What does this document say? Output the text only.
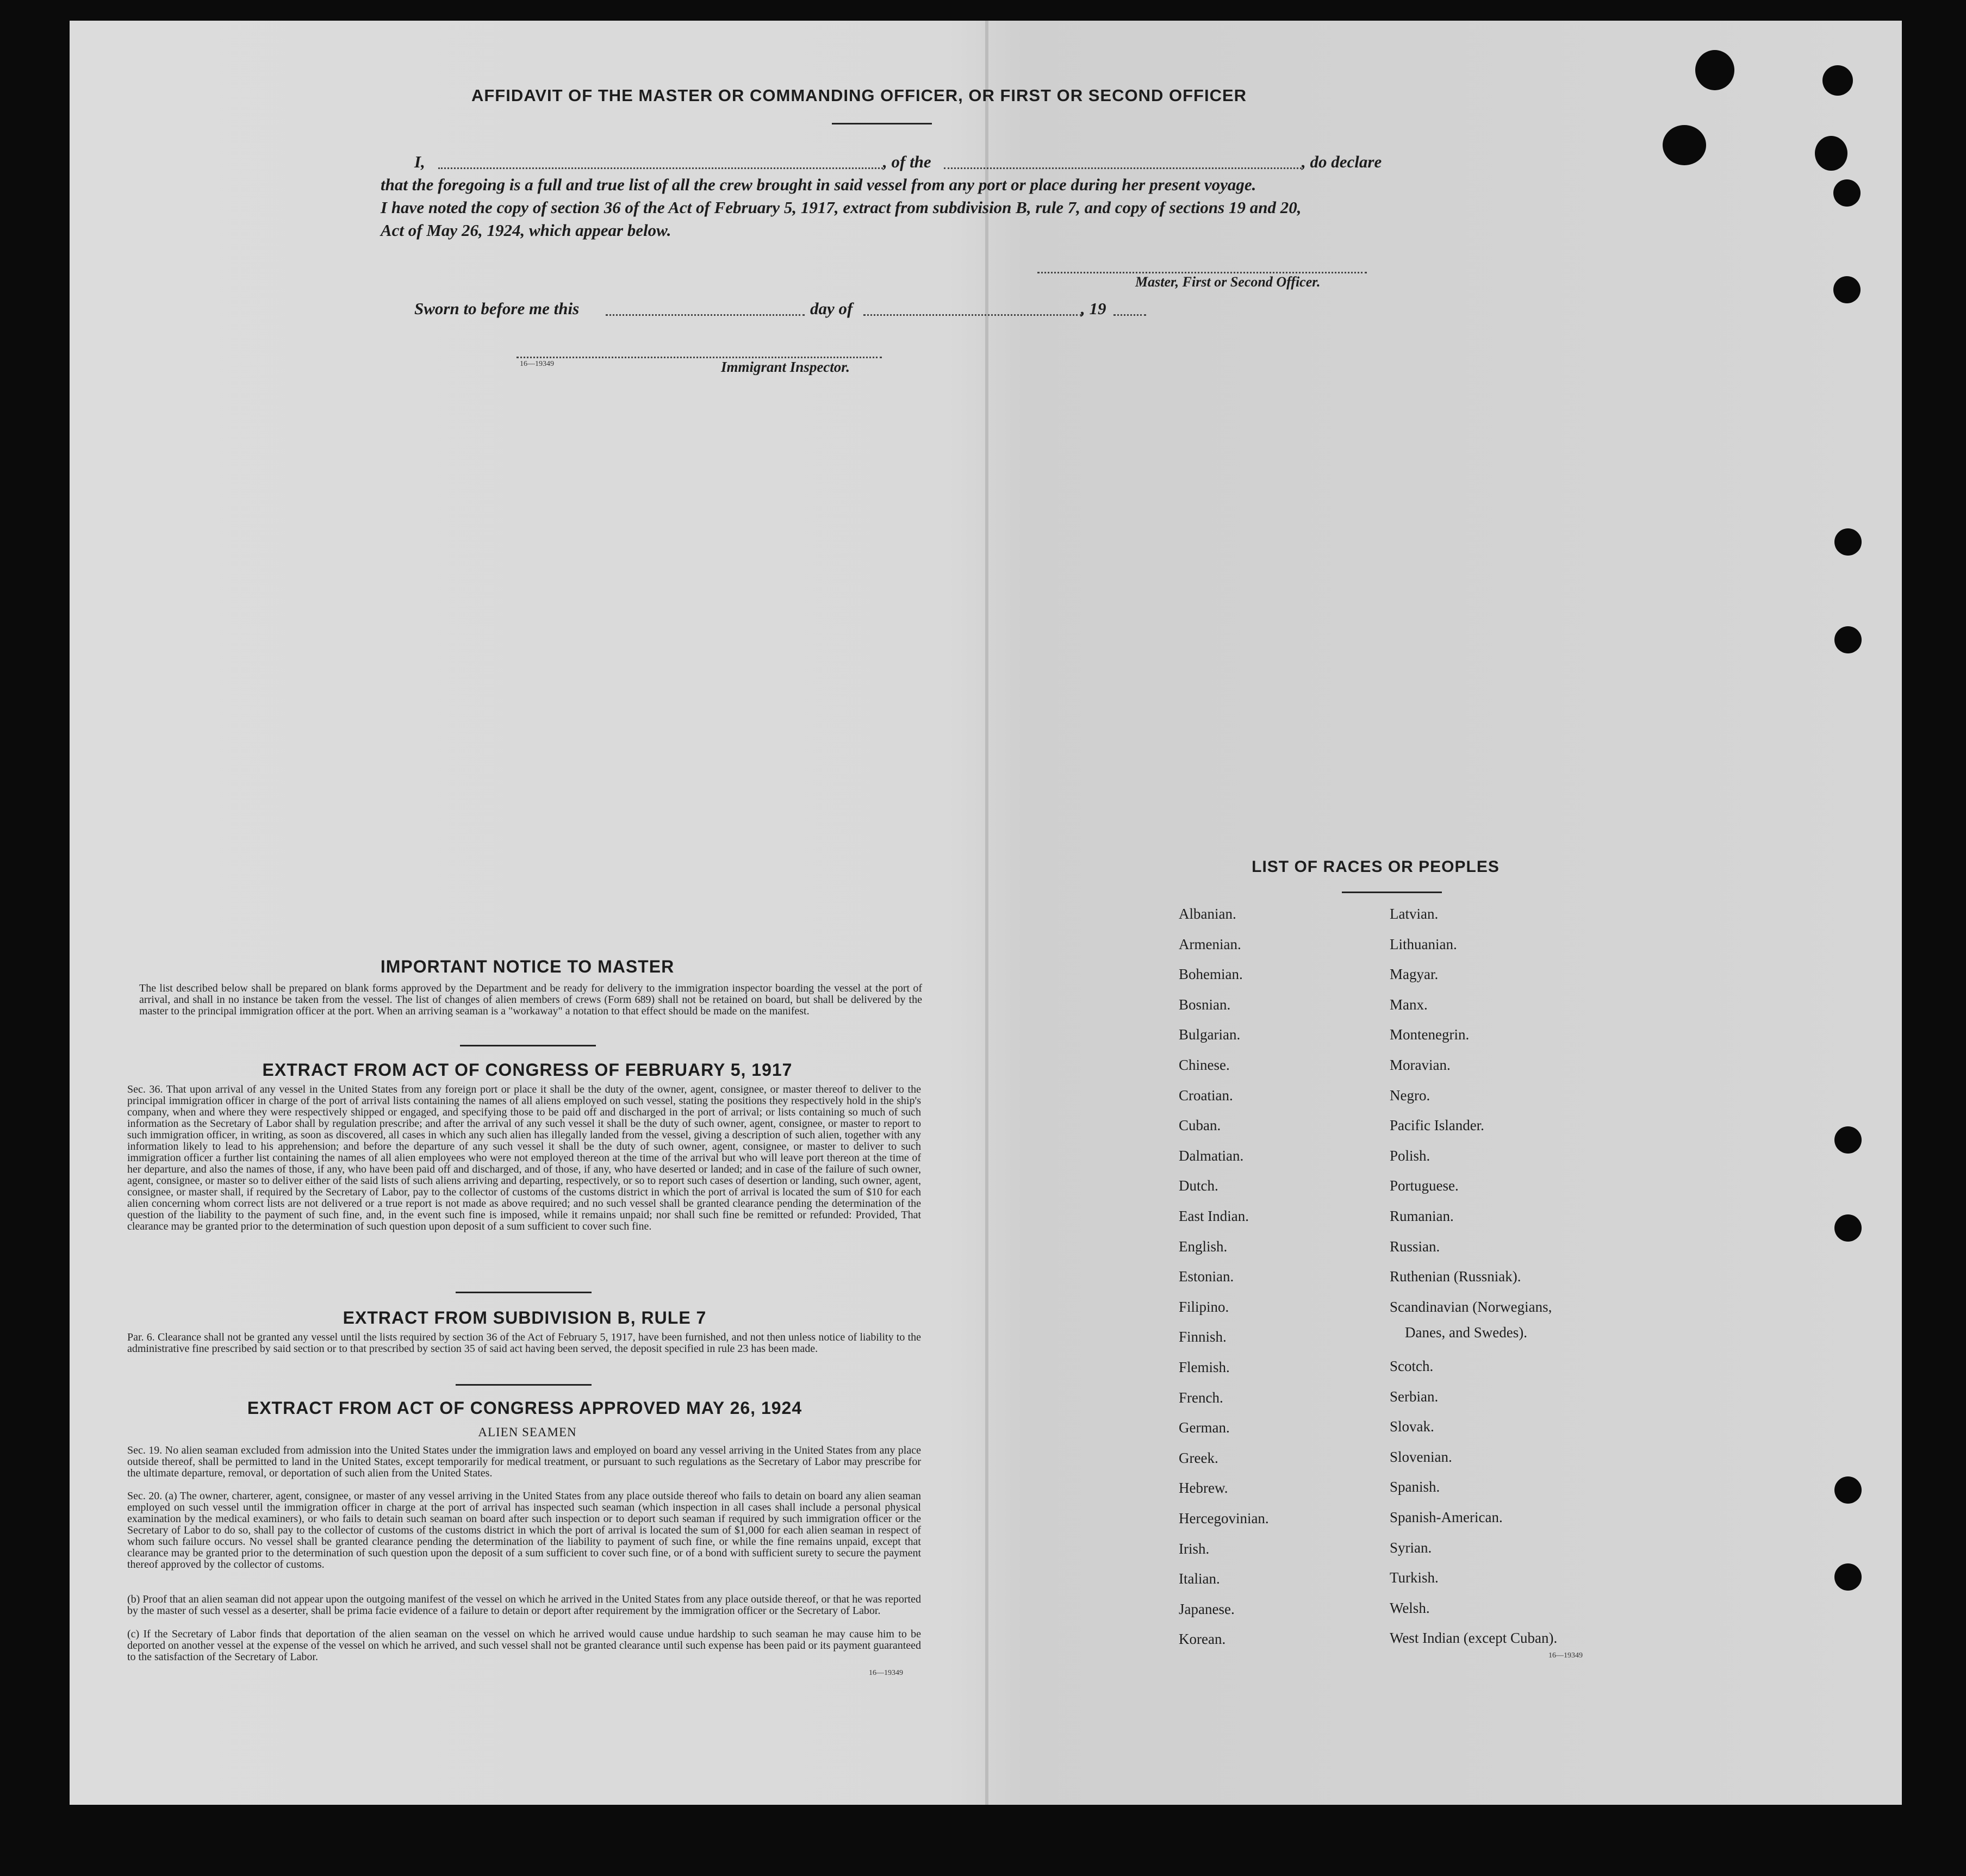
AFFIDAVIT OF THE MASTER OR COMMANDING OFFICER, OR FIRST OR SECOND OFFICER
I,	, of the	, do declare
that the foregoing is a full and true list of all the crew brought in said vessel from any port or place during her present voyage.
I have noted the copy of section 36 of the Act of February 5, 1917, extract from subdivision B, rule 7, and copy of sections 19 and 20,
Act of May 26, 1924, which appear below.
Master, First or Second Officer.
Sworn to before me this	day of	, 19
16—19349	Immigrant Inspector.
IMPORTANT NOTICE TO MASTER
The list described below shall be prepared on blank forms approved by the Department and be ready for delivery to the immigration inspector boarding the vessel at the port of arrival, and shall in no instance be taken from the vessel. The list of changes of alien members of crews (Form 689) shall not be retained on board, but shall be delivered by the master to the principal immigration officer at the port. When an arriving seaman is a "workaway" a notation to that effect should be made on the manifest.
EXTRACT FROM ACT OF CONGRESS OF FEBRUARY 5, 1917
Sec. 36. That upon arrival of any vessel in the United States from any foreign port or place it shall be the duty of the owner, agent, consignee, or master thereof to deliver to the principal immigration officer in charge of the port of arrival lists containing the names of all aliens employed on such vessel, stating the positions they respectively hold in the ship's company, when and where they were respectively shipped or engaged, and specifying those to be paid off and discharged in the port of arrival; or lists containing so much of such information as the Secretary of Labor shall by regulation prescribe; and after the arrival of any such vessel it shall be the duty of such owner, agent, consignee, or master to report to such immigration officer, in writing, as soon as discovered, all cases in which any such alien has illegally landed from the vessel, giving a description of such alien, together with any information likely to lead to his apprehension; and before the departure of any such vessel it shall be the duty of such owner, agent, consignee, or master to deliver to such immigration officer a further list containing the names of all alien employees who were not employed thereon at the time of the arrival but who will leave port thereon at the time of her departure, and also the names of those, if any, who have been paid off and discharged, and of those, if any, who have deserted or landed; and in case of the failure of such owner, agent, consignee, or master so to deliver either of the said lists of such aliens arriving and departing, respectively, or so to report such cases of desertion or landing, such owner, agent, consignee, or master shall, if required by the Secretary of Labor, pay to the collector of customs of the customs district in which the port of arrival is located the sum of $10 for each alien concerning whom correct lists are not delivered or a true report is not made as above required; and no such vessel shall be granted clearance pending the determination of the question of the liability to the payment of such fine, and, in the event such fine is imposed, while it remains unpaid; nor shall such fine be remitted or refunded: Provided, That clearance may be granted prior to the determination of such question upon deposit of a sum sufficient to cover such fine.
EXTRACT FROM SUBDIVISION B, RULE 7
Par. 6. Clearance shall not be granted any vessel until the lists required by section 36 of the Act of February 5, 1917, have been furnished, and not then unless notice of liability to the administrative fine prescribed by said section or to that prescribed by section 35 of said act having been served, the deposit specified in rule 23 has been made.
EXTRACT FROM ACT OF CONGRESS APPROVED MAY 26, 1924
ALIEN SEAMEN
Sec. 19. No alien seaman excluded from admission into the United States under the immigration laws and employed on board any vessel arriving in the United States from any place outside thereof, shall be permitted to land in the United States, except temporarily for medical treatment, or pursuant to such regulations as the Secretary of Labor may prescribe for the ultimate departure, removal, or deportation of such alien from the United States.
Sec. 20. (a) The owner, charterer, agent, consignee, or master of any vessel arriving in the United States from any place outside thereof who fails to detain on board any alien seaman employed on such vessel until the immigration officer in charge at the port of arrival has inspected such seaman (which inspection in all cases shall include a personal physical examination by the medical examiners), or who fails to detain such seaman on board after such inspection or to deport such seaman if required by such immigration officer or the Secretary of Labor to do so, shall pay to the collector of customs of the customs district in which the port of arrival is located the sum of $1,000 for each alien seaman in respect of whom such failure occurs. No vessel shall be granted clearance pending the determination of the liability to payment of such fine, or while the fine remains unpaid, except that clearance may be granted prior to the determination of such question upon the deposit of a sum sufficient to cover such fine, or of a bond with sufficient surety to secure the payment thereof approved by the collector of customs.
(b) Proof that an alien seaman did not appear upon the outgoing manifest of the vessel on which he arrived in the United States from any place outside thereof, or that he was reported by the master of such vessel as a deserter, shall be prima facie evidence of a failure to detain or deport after requirement by the immigration officer or the Secretary of Labor.
(c) If the Secretary of Labor finds that deportation of the alien seaman on the vessel on which he arrived would cause undue hardship to such seaman he may cause him to be deported on another vessel at the expense of the vessel on which he arrived, and such vessel shall not be granted clearance until such expense has been paid or its payment guaranteed to the satisfaction of the Secretary of Labor.
16—19349
LIST OF RACES OR PEOPLES
Albanian.
Armenian.
Bohemian.
Bosnian.
Bulgarian.
Chinese.
Croatian.
Cuban.
Dalmatian.
Dutch.
East Indian.
English.
Estonian.
Filipino.
Finnish.
Flemish.
French.
German.
Greek.
Hebrew.
Hercegovinian.
Irish.
Italian.
Japanese.
Korean.
Latvian.
Lithuanian.
Magyar.
Manx.
Montenegrin.
Moravian.
Negro.
Pacific Islander.
Polish.
Portuguese.
Rumanian.
Russian.
Ruthenian (Russniak).
Scandinavian (Norwegians,
Scotch.
Serbian.
Slovak.
Slovenian.
Spanish.
Spanish-American.
Syrian.
Turkish.
Welsh.
West Indian (except Cuban).
Danes, and Swedes).
16—19349
